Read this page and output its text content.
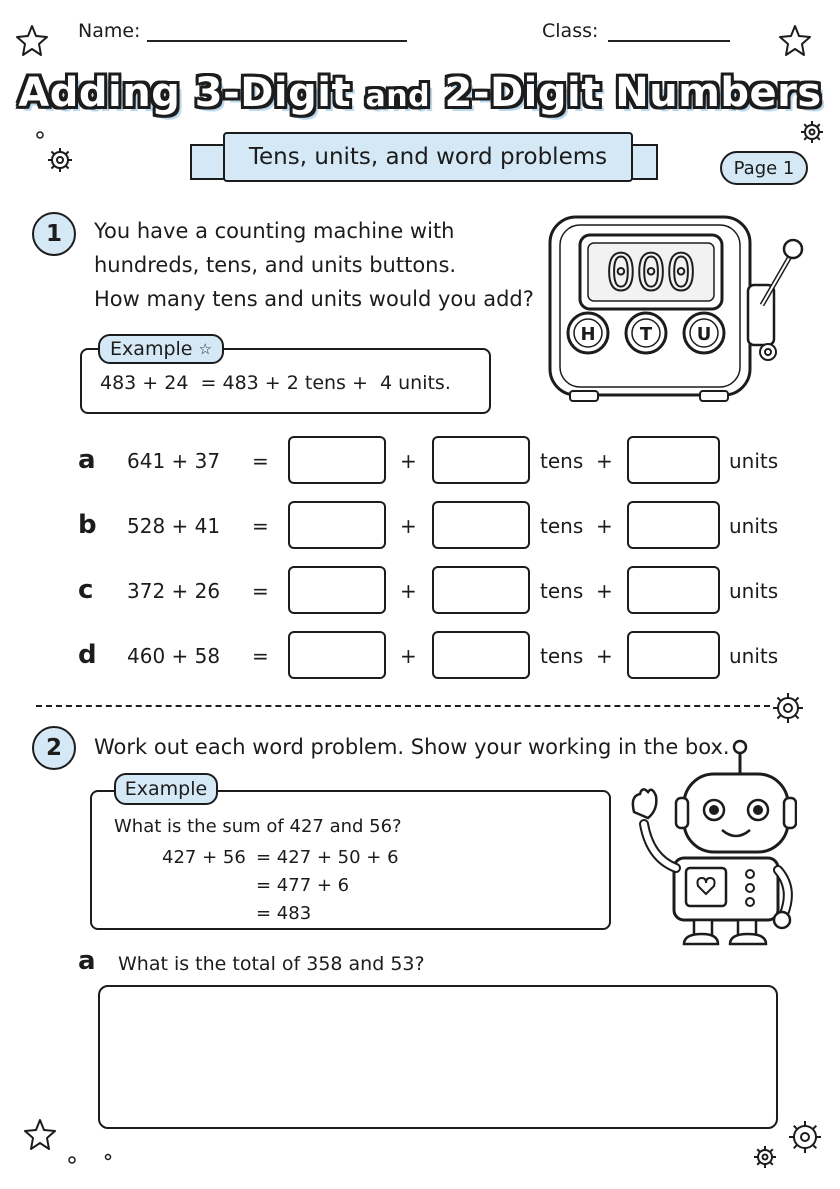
Name:	Class:
Adding 3-Digit and 2-Digit Numbers
Tens, units, and word problems	Page 1
1 You have a counting machine with
hundreds, tens, and units buttons.
How many tens and units would you add?	000
H T U
483 + 24  = 483 + 2 tens +  4 units.
Example ☆
a 641 + 37 =	+	tens +	units
b 528 + 41 =	+	tens +	units
c 372 + 26 =	+	tens +	units
d 460 + 58 =	+	tens +	units
2 Work out each word problem. Show your working in the box.
What is the sum of 427 and 56?
427 + 56 = 427 + 50 + 6
= 477 + 6
= 483
Example
a What is the total of 358 and 53?
